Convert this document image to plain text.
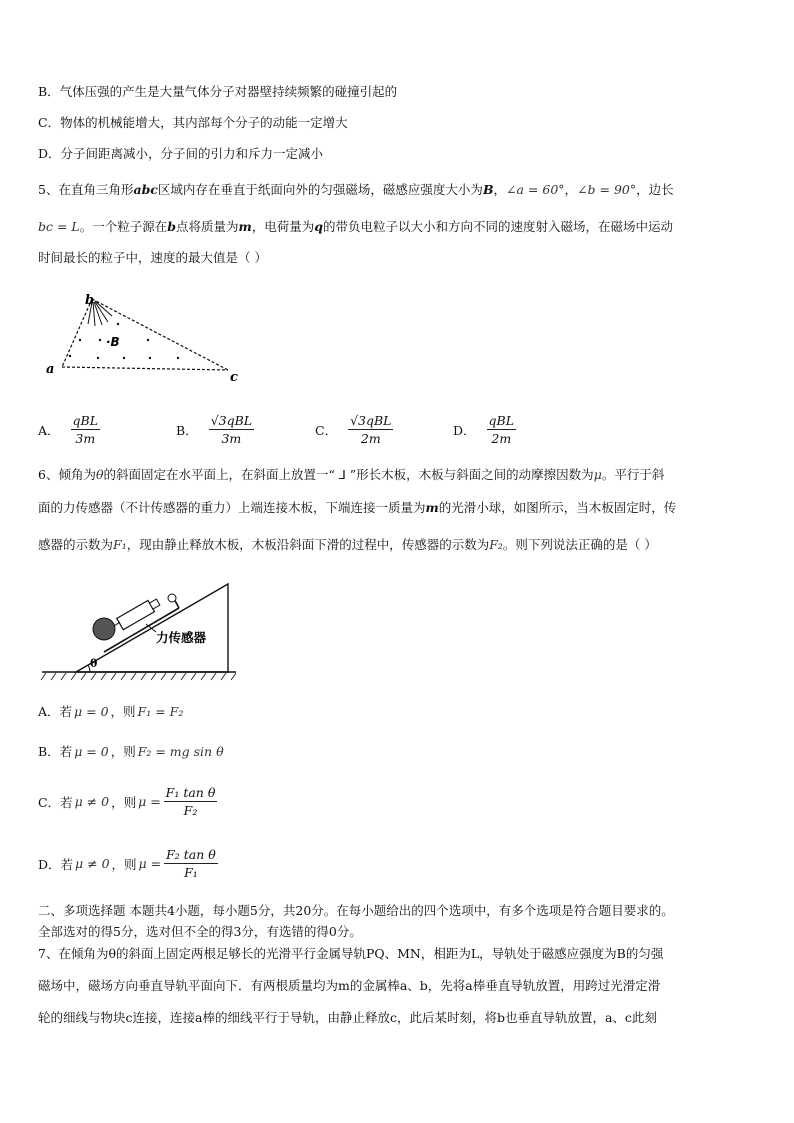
B．气体压强的产生是大量气体分子对器壁持续频繁的碰撞引起的
C．物体的机械能增大，其内部每个分子的动能一定增大
D．分子间距离减小，分子间的引力和斥力一定减小
5、在直角三角形abc区域内存在垂直于纸面向外的匀强磁场，磁感应强度大小为B，∠a = 60°，∠b = 90°，边长
bc = L。一个粒子源在b点将质量为m，电荷量为q的带负电粒子以大小和方向不同的速度射入磁场，在磁场中运动
时间最长的粒子中，速度的最大值是（ ）
b
·B
a
c
A． $\frac{\text{qBL}}{3m}$	B． $\frac{\text{√3qBL}}{3m}$	C． $\frac{\text{√3qBL}}{2m}$	D． $\frac{\text{qBL}}{2m}$
6、倾角为θ的斜面固定在水平面上，在斜面上放置一“ ⅃ ”形长木板，木板与斜面之间的动摩擦因数为μ。平行于斜
面的力传感器（不计传感器的重力）上端连接木板，下端连接一质量为m的光滑小球，如图所示，当木板固定时，传
感器的示数为F₁，现由静止释放木板，木板沿斜面下滑的过程中，传感器的示数为F₂。则下列说法正确的是（ ）
θ
力传感器
A．若 μ = 0 ，则 F₁ = F₂
B．若 μ = 0 ，则 F₂ = mg sin θ
C．若 μ ≠ 0 ，则 $\mu = \frac{\text{F₁ tan θ}}{\text{F₂}}$
D．若 μ ≠ 0 ，则 $\mu = \frac{\text{F₂ tan θ}}{\text{F₁}}$
二、多项选择题 本题共4小题，每小题5分，共20分。在每小题给出的四个选项中，有多个选项是符合题目要求的。
全部选对的得5分，选对但不全的得3分，有选错的得0分。
7、在倾角为θ的斜面上固定两根足够长的光滑平行金属导轨PQ、MN，相距为L，导轨处于磁感应强度为B的匀强
磁场中，磁场方向垂直导轨平面向下．有两根质量均为m的金属棒a、b，先将a棒垂直导轨放置，用跨过光滑定滑
轮的细线与物块c连接，连接a棒的细线平行于导轨，由静止释放c，此后某时刻，将b也垂直导轨放置，a、c此刻
